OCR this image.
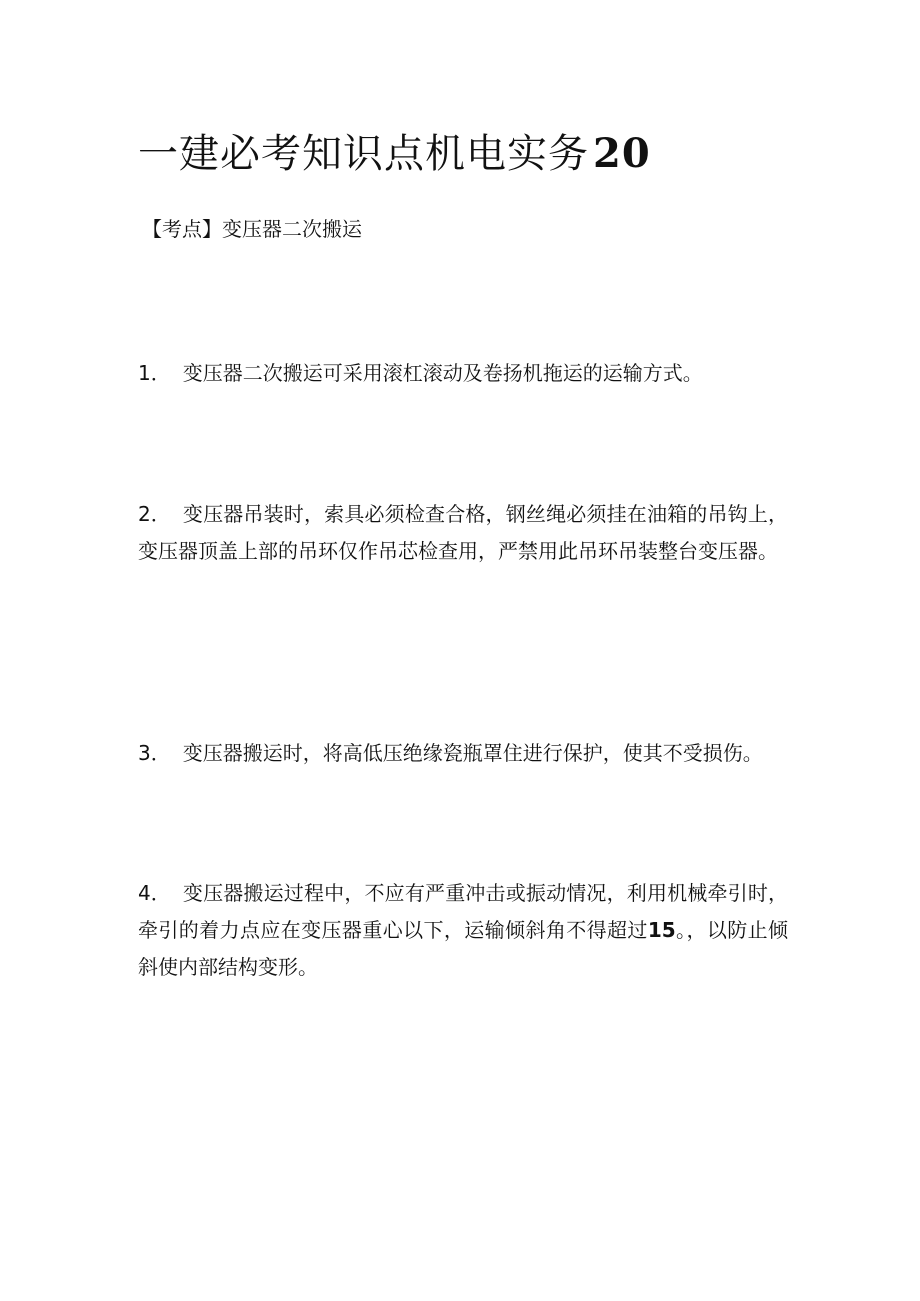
一建必考知识点机电实务 20

【考点】变压器二次搬运

1． 变压器二次搬运可采用滚杠滚动及卷扬机拖运的运输方式。

2． 变压器吊装时，索具必须检查合格，钢丝绳必须挂在油箱的吊钩上，变压器顶盖上部的吊环仅作吊芯检查用，严禁用此吊环吊装整台变压器。

3． 变压器搬运时，将高低压绝缘瓷瓶罩住进行保护，使其不受损伤。

4． 变压器搬运过程中，不应有严重冲击或振动情况，利用机械牵引时，牵引的着力点应在变压器重心以下，运输倾斜角不得超过15。，以防止倾斜使内部结构变形。
